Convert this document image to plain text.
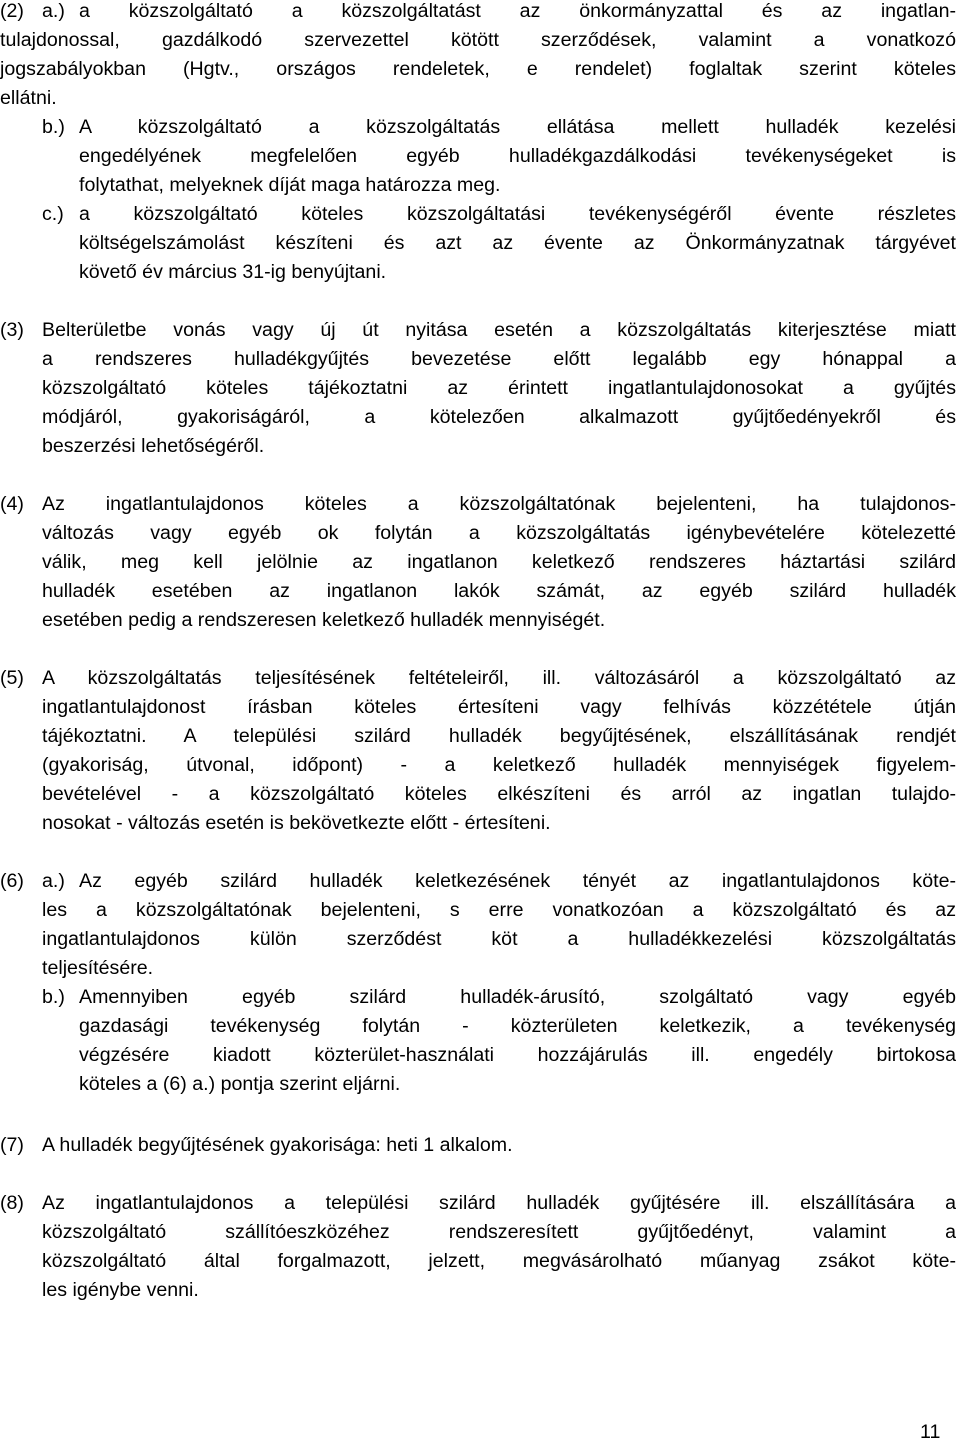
(2) a.) a közszolgáltató a közszolgáltatást az önkormányzattal és az ingatlan-
tulajdonossal, gazdálkodó szervezettel kötött szerződések, valamint a vonatkozó
jogszabályokban (Hgtv., országos rendeletek, e rendelet) foglaltak szerint köteles
ellátni.
b.) A közszolgáltató a közszolgáltatás ellátása mellett hulladék kezelési
engedélyének megfelelően egyéb hulladékgazdálkodási tevékenységeket is
folytathat, melyeknek díját maga határozza meg.
c.) a közszolgáltató köteles közszolgáltatási tevékenységéről évente részletes
költségelszámolást készíteni és azt az évente az Önkormányzatnak tárgyévet
követő év március 31-ig benyújtani.
(3) Belterületbe vonás vagy új út nyitása esetén a közszolgáltatás kiterjesztése miatt
a rendszeres hulladékgyűjtés bevezetése előtt legalább egy hónappal a
közszolgáltató köteles tájékoztatni az érintett ingatlantulajdonosokat a gyűjtés
módjáról, gyakoriságáról, a kötelezően alkalmazott gyűjtőedényekről és
beszerzési lehetőségéről.
(4) Az ingatlantulajdonos köteles a közszolgáltatónak bejelenteni, ha tulajdonos-
változás vagy egyéb ok folytán a közszolgáltatás igénybevételére kötelezetté
válik, meg kell jelölnie az ingatlanon keletkező rendszeres háztartási szilárd
hulladék esetében az ingatlanon lakók számát, az egyéb szilárd hulladék
esetében pedig a rendszeresen keletkező hulladék mennyiségét.
(5) A közszolgáltatás teljesítésének feltételeiről, ill. változásáról a közszolgáltató az
ingatlantulajdonost írásban köteles értesíteni vagy felhívás közzététele útján
tájékoztatni. A települési szilárd hulladék begyűjtésének, elszállításának rendjét
(gyakoriság, útvonal, időpont) - a keletkező hulladék mennyiségek figyelem-
bevételével - a közszolgáltató köteles elkészíteni és arról az ingatlan tulajdo-
nosokat - változás esetén is bekövetkezte előtt - értesíteni.
(6) a.) Az egyéb szilárd hulladék keletkezésének tényét az ingatlantulajdonos köte-
les a közszolgáltatónak bejelenteni, s erre vonatkozóan a közszolgáltató és az
ingatlantulajdonos külön szerződést köt a hulladékkezelési közszolgáltatás
teljesítésére.
b.) Amennyiben egyéb szilárd hulladék-árusító, szolgáltató vagy egyéb
gazdasági tevékenység folytán - közterületen keletkezik, a tevékenység
végzésére kiadott közterület-használati hozzájárulás ill. engedély birtokosa
köteles a (6) a.) pontja szerint eljárni.
(7) A hulladék begyűjtésének gyakorisága: heti 1 alkalom.
(8) Az ingatlantulajdonos a települési szilárd hulladék gyűjtésére ill. elszállítására a
közszolgáltató szállítóeszközéhez rendszeresített gyűjtőedényt, valamint a
közszolgáltató által forgalmazott, jelzett, megvásárolható műanyag zsákot köte-
les igénybe venni.
11
